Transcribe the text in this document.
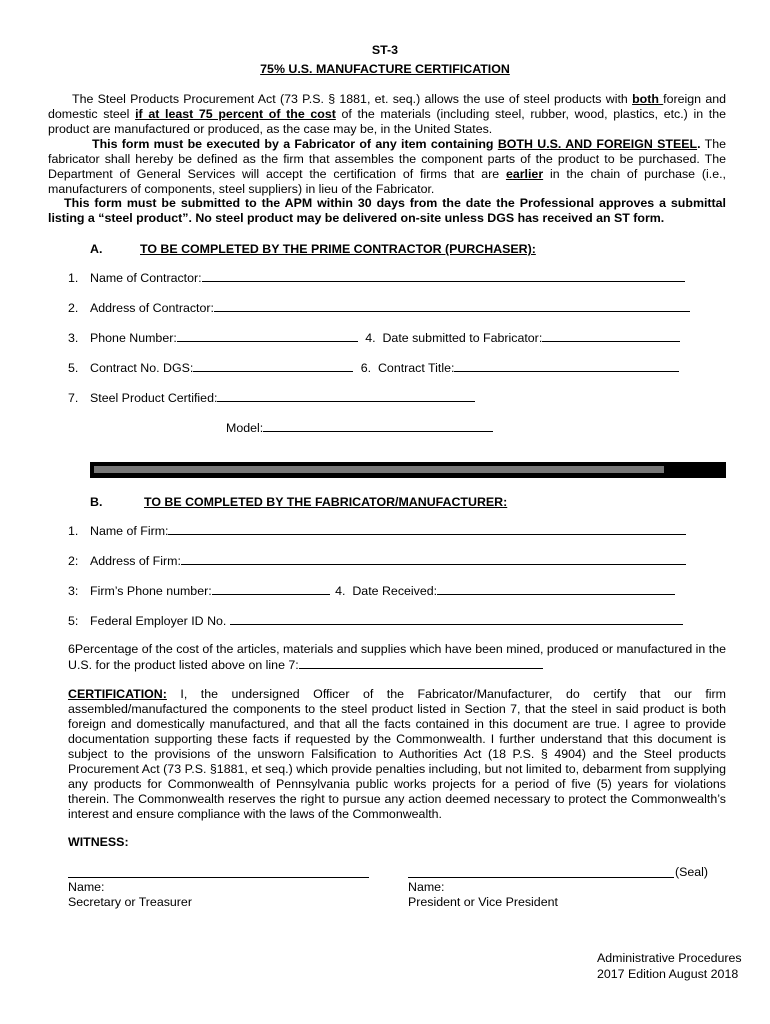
ST-3
75% U.S. MANUFACTURE CERTIFICATION
The Steel Products Procurement Act (73 P.S. § 1881, et. seq.) allows the use of steel products with both foreign and domestic steel if at least 75 percent of the cost of the materials (including steel, rubber, wood, plastics, etc.) in the product are manufactured or produced, as the case may be, in the United States.
This form must be executed by a Fabricator of any item containing BOTH U.S. AND FOREIGN STEEL. The fabricator shall hereby be defined as the firm that assembles the component parts of the product to be purchased. The Department of General Services will accept the certification of firms that are earlier in the chain of purchase (i.e., manufacturers of components, steel suppliers) in lieu of the Fabricator.
This form must be submitted to the APM within 30 days from the date the Professional approves a submittal listing a “steel product”. No steel product may be delivered on-site unless DGS has received an ST form.
A.	TO BE COMPLETED BY THE PRIME CONTRACTOR (PURCHASER):
1. Name of Contractor:
2. Address of Contractor:
3. Phone Number:	4. Date submitted to Fabricator:
5. Contract No. DGS:	6. Contract Title:
7. Steel Product Certified:
Model:
B.	TO BE COMPLETED BY THE FABRICATOR/MANUFACTURER:
1. Name of Firm:
2: Address of Firm:
3: Firm’s Phone number:	4. Date Received:
5: Federal Employer ID No.
6Percentage of the cost of the articles, materials and supplies which have been mined, produced or manufactured in the U.S. for the product listed above on line 7:
CERTIFICATION: I, the undersigned Officer of the Fabricator/Manufacturer, do certify that our firm assembled/manufactured the components to the steel product listed in Section 7, that the steel in said product is both foreign and domestically manufactured, and that all the facts contained in this document are true. I agree to provide documentation supporting these facts if requested by the Commonwealth. I further understand that this document is subject to the provisions of the unsworn Falsification to Authorities Act (18 P.S. § 4904) and the Steel products Procurement Act (73 P.S. §1881, et seq.) which provide penalties including, but not limited to, debarment from supplying any products for Commonwealth of Pennsylvania public works projects for a period of five (5) years for violations therein. The Commonwealth reserves the right to pursue any action deemed necessary to protect the Commonwealth’s interest and ensure compliance with the laws of the Commonwealth.
WITNESS:
(Seal)
Name:
Secretary or Treasurer
Name:
President or Vice President
Administrative Procedures
2017 Edition August 2018
